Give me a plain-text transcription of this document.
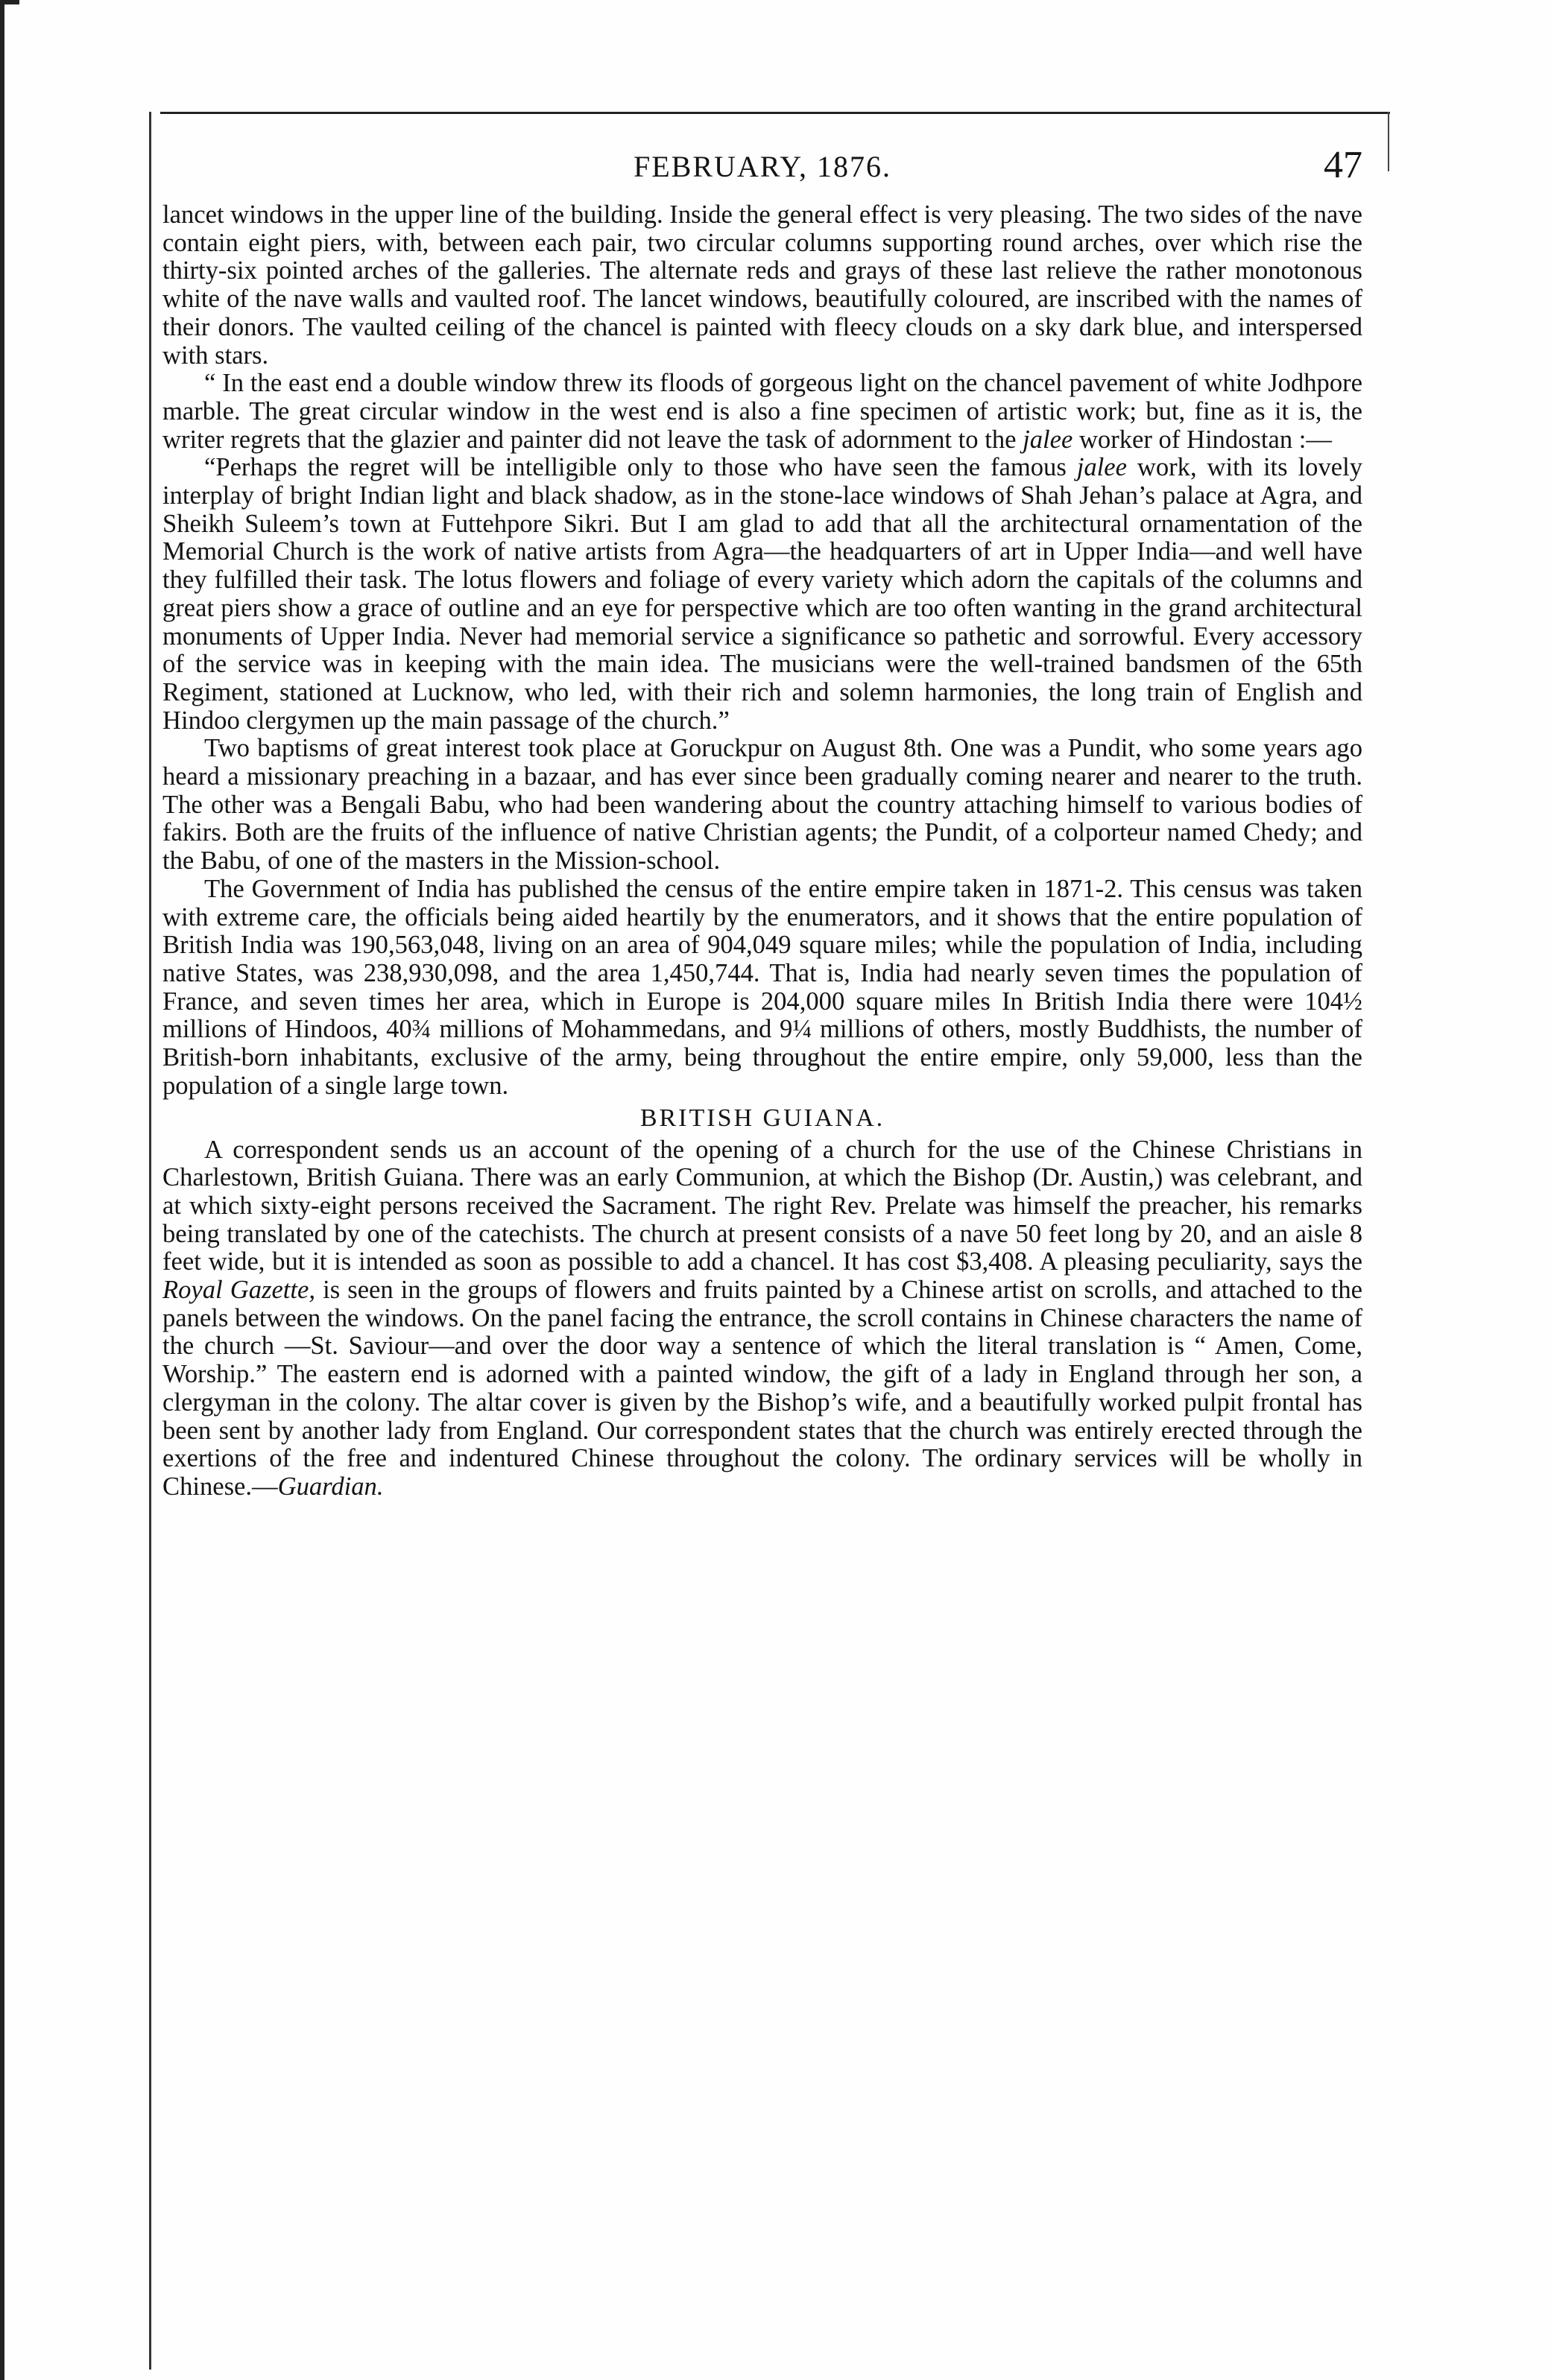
FEBRUARY, 1876.	47

lancet windows in the upper line of the building. Inside the general effect is very pleasing. The two sides of the nave contain eight piers, with, between each pair, two circular columns supporting round arches, over which rise the thirty-six pointed arches of the galleries. The alternate reds and grays of these last relieve the rather monotonous white of the nave walls and vaulted roof. The lancet windows, beautifully coloured, are inscribed with the names of their donors. The vaulted ceiling of the chancel is painted with fleecy clouds on a sky dark blue, and interspersed with stars.

“ In the east end a double window threw its floods of gorgeous light on the chancel pavement of white Jodhpore marble. The great circular window in the west end is also a fine specimen of artistic work; but, fine as it is, the writer regrets that the glazier and painter did not leave the task of adornment to the jalee worker of Hindostan :—

“Perhaps the regret will be intelligible only to those who have seen the famous jalee work, with its lovely interplay of bright Indian light and black shadow, as in the stone-lace windows of Shah Jehan’s palace at Agra, and Sheikh Suleem’s town at Futtehpore Sikri. But I am glad to add that all the architectural ornamentation of the Memorial Church is the work of native artists from Agra—the headquarters of art in Upper India—and well have they fulfilled their task. The lotus flowers and foliage of every variety which adorn the capitals of the columns and great piers show a grace of outline and an eye for perspective which are too often wanting in the grand architectural monuments of Upper India. Never had memorial service a significance so pathetic and sorrowful. Every accessory of the service was in keeping with the main idea. The musicians were the well-trained bandsmen of the 65th Regiment, stationed at Lucknow, who led, with their rich and solemn harmonies, the long train of English and Hindoo clergymen up the main passage of the church.”

Two baptisms of great interest took place at Goruckpur on August 8th. One was a Pundit, who some years ago heard a missionary preaching in a bazaar, and has ever since been gradually coming nearer and nearer to the truth. The other was a Bengali Babu, who had been wandering about the country attaching himself to various bodies of fakirs. Both are the fruits of the influence of native Christian agents; the Pundit, of a colporteur named Chedy; and the Babu, of one of the masters in the Mission-school.

The Government of India has published the census of the entire empire taken in 1871-2. This census was taken with extreme care, the officials being aided heartily by the enumerators, and it shows that the entire population of British India was 190,563,048, living on an area of 904,049 square miles; while the population of India, including native States, was 238,930,098, and the area 1,450,744. That is, India had nearly seven times the population of France, and seven times her area, which in Europe is 204,000 square miles In British India there were 104½ millions of Hindoos, 40¾ millions of Mohammedans, and 9¼ millions of others, mostly Buddhists, the number of British-born inhabitants, exclusive of the army, being throughout the entire empire, only 59,000, less than the population of a single large town.

BRITISH GUIANA.

A correspondent sends us an account of the opening of a church for the use of the Chinese Christians in Charlestown, British Guiana. There was an early Communion, at which the Bishop (Dr. Austin,) was celebrant, and at which sixty-eight persons received the Sacrament. The right Rev. Prelate was himself the preacher, his remarks being translated by one of the catechists. The church at present consists of a nave 50 feet long by 20, and an aisle 8 feet wide, but it is intended as soon as possible to add a chancel. It has cost $3,408. A pleasing peculiarity, says the Royal Gazette, is seen in the groups of flowers and fruits painted by a Chinese artist on scrolls, and attached to the panels between the windows. On the panel facing the entrance, the scroll contains in Chinese characters the name of the church —St. Saviour—and over the door way a sentence of which the literal translation is “ Amen, Come, Worship.” The eastern end is adorned with a painted window, the gift of a lady in England through her son, a clergyman in the colony. The altar cover is given by the Bishop’s wife, and a beautifully worked pulpit frontal has been sent by another lady from England. Our correspondent states that the church was entirely erected through the exertions of the free and indentured Chinese throughout the colony. The ordinary services will be wholly in Chinese.—Guardian.
